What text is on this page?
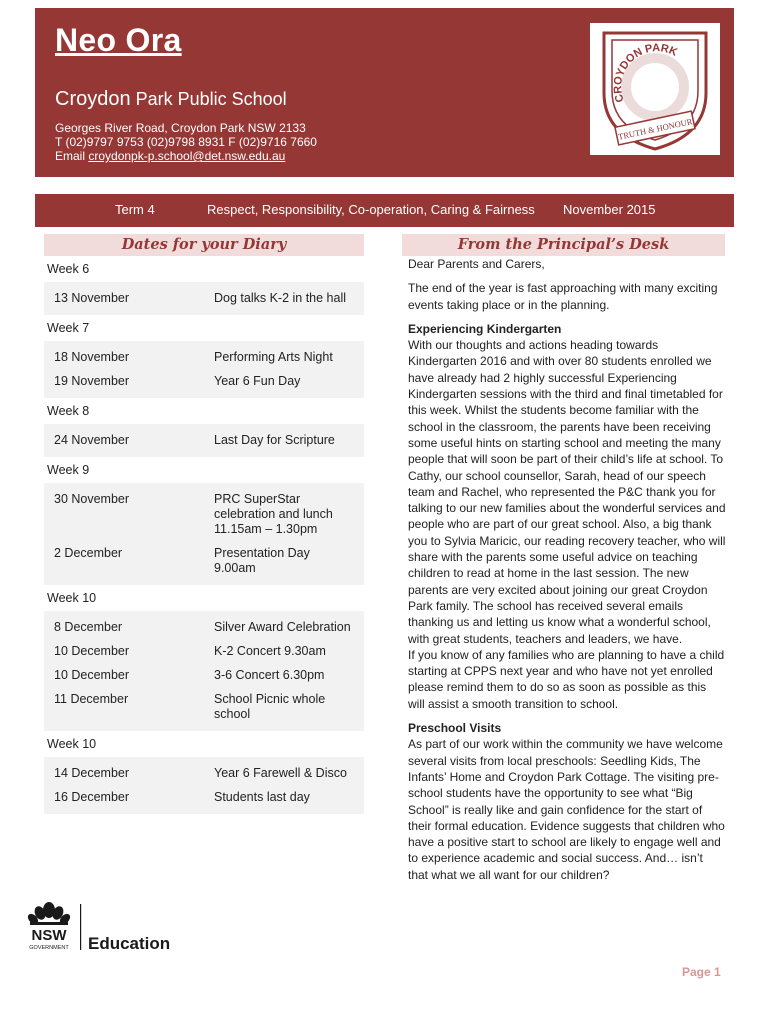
Neo Ora
Croydon Park Public School
Georges River Road, Croydon Park NSW 2133
T (02)9797 9753 (02)9798 8931 F (02)9716 7660
Email croydonpk-p.school@det.nsw.edu.au
CROYDON PARK
TRUTH & HONOUR
Term 4	Respect, Responsibility, Co-operation, Caring & Fairness November 2015
Dates for your Diary	From the Principal’s Desk
Week 6
13 November	Dog talks K-2 in the hall
Week 7
18 November	Performing Arts Night
19 November	Year 6 Fun Day
Week 8
24 November	Last Day for Scripture
Week 9
30 November	PRC SuperStar celebration and lunch 11.15am – 1.30pm
2 December	Presentation Day 9.00am
Week 10
8 December	Silver Award Celebration
10 December	K-2 Concert 9.30am
10 December	3-6 Concert 6.30pm
11 December	School Picnic whole school
Week 10
14 December	Year 6 Farewell & Disco
16 December	Students last day

Dear Parents and Carers,

The end of the year is fast approaching with many exciting events taking place or in the planning.

Experiencing Kindergarten

With our thoughts and actions heading towards Kindergarten 2016 and with over 80 students enrolled we have already had 2 highly successful Experiencing Kindergarten sessions with the third and final timetabled for this week. Whilst the students become familiar with the school in the classroom, the parents have been receiving some useful hints on starting school and meeting the many people that will soon be part of their child’s life at school. To Cathy, our school counsellor, Sarah, head of our speech team and Rachel, who represented the P&C thank you for talking to our new families about the wonderful services and people who are part of our great school. Also, a big thank you to Sylvia Maricic, our reading recovery teacher, who will share with the parents some useful advice on teaching children to read at home in the last session. The new parents are very excited about joining our great Croydon Park family. The school has received several emails thanking us and letting us know what a wonderful school, with great students, teachers and leaders, we have.

If you know of any families who are planning to have a child starting at CPPS next year and who have not yet enrolled please remind them to do so as soon as possible as this will assist a smooth transition to school.

Preschool Visits

As part of our work within the community we have welcome several visits from local preschools: Seedling Kids, The Infants’ Home and Croydon Park Cottage. The visiting pre-school students have the opportunity to see what “Big School” is really like and gain confidence for the start of their formal education. Evidence suggests that children who have a positive start to school are likely to engage well and to experience academic and social success. And… isn’t that what we all want for our children?

NSW
GOVERNMENT Education
Page 1
